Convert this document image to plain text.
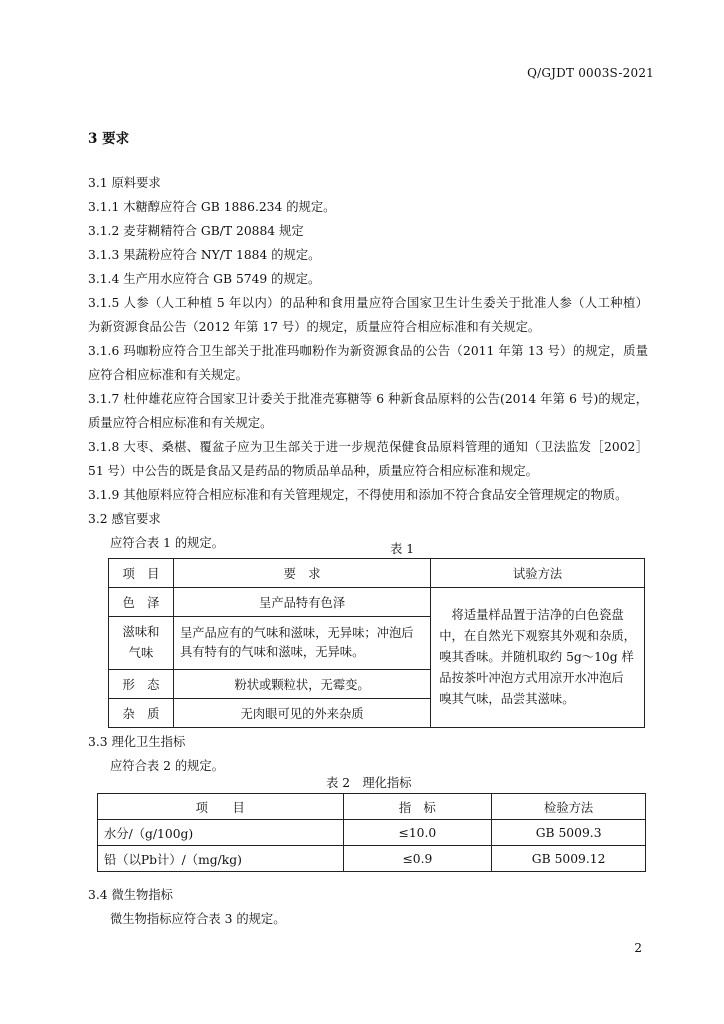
Q/GJDT 0003S-2021
3 要求
3.1 原料要求
3.1.1 木糖醇应符合 GB 1886.234 的规定。
3.1.2 麦芽糊精符合 GB/T 20884 规定
3.1.3 果蔬粉应符合 NY/T 1884 的规定。
3.1.4 生产用水应符合 GB 5749 的规定。
3.1.5 人参（人工种植 5 年以内）的品种和食用量应符合国家卫生计生委关于批准人参（人工种植）
为新资源食品公告（2012 年第 17 号）的规定，质量应符合相应标准和有关规定。
3.1.6 玛咖粉应符合卫生部关于批准玛咖粉作为新资源食品的公告（2011 年第 13 号）的规定，质量
应符合相应标准和有关规定。
3.1.7 杜仲雄花应符合国家卫计委关于批准壳寡糖等 6 种新食品原料的公告(2014 年第 6 号)的规定，
质量应符合相应标准和有关规定。
3.1.8 大枣、桑椹、覆盆子应为卫生部关于进一步规范保健食品原料管理的通知（卫法监发［2002］
51 号）中公告的既是食品又是药品的物质品单品种，质量应符合相应标准和规定。
3.1.9 其他原料应符合相应标准和有关管理规定，不得使用和添加不符合食品安全管理规定的物质。
3.2 感官要求
应符合表 1 的规定。	表 1
项　目	要　求	试验方法
色　泽	呈产品特有色泽	　将适量样品置于洁净的白色瓷盘
中，在自然光下观察其外观和杂质，
嗅其香味。并随机取约 5g～10g 样
品按茶叶冲泡方式用凉开水冲泡后
嗅其气味，品尝其滋味。

滋味和
气味	呈产品应有的气味和滋味，无异味；冲泡后
具有特有的气味和滋味，无异味。	

形　态	粉状或颗粒状，无霉变。	
杂　质	无肉眼可见的外来杂质	
3.3 理化卫生指标
应符合表 2 的规定。
表 2　理化指标
项　　目	指　标	检验方法
水分/（g/100g)	≤10.0	GB 5009.3
铅（以Pb计）/（mg/kg)	≤0.9	GB 5009.12
3.4 微生物指标
微生物指标应符合表 3 的规定。
2
